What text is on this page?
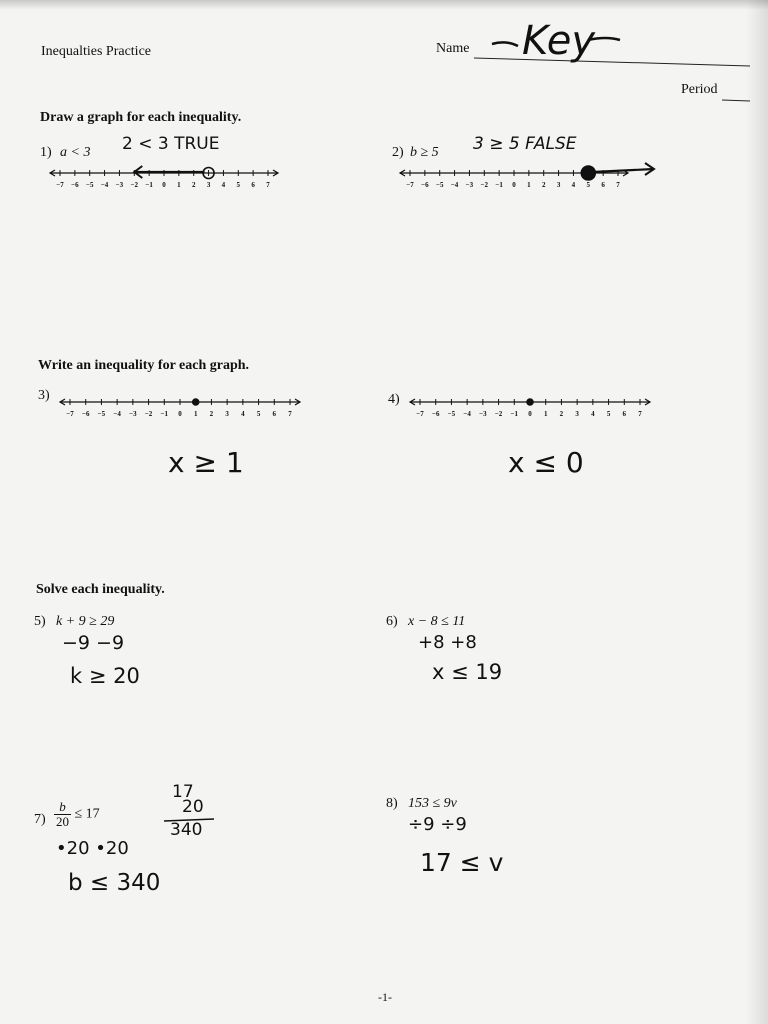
Inequalties Practice	Name Key
Period
Draw a graph for each inequality.
1) a < 3 2 < 3 TRUE
−7 −6 −5 −4 −3 −2 −1 0 1 2 3 4 5 6 7
2) b ≥ 5 3 ≥ 5 FALSE
−7 −6 −5 −4 −3 −2 −1 0 1 2 3 4 5 6 7
Write an inequality for each graph.
3)
−7 −6 −5 −4 −3 −2 −1 0 1 2 3 4 5 6 7
x ≥ 1
4)
−7 −6 −5 −4 −3 −2 −1 0 1 2 3 4 5 6 7
x ≤ 0
Solve each inequality.
5) k + 9 ≥ 29
−9 −9
k ≥ 20
6) x − 8 ≤ 11
+8 +8
x ≤ 19
$7) \frac{b}{20} \le 17$
•20 •20
b ≤ 340
17
20
340
8) 153 ≤ 9v
÷9 ÷9
17 ≤ v
-1-
